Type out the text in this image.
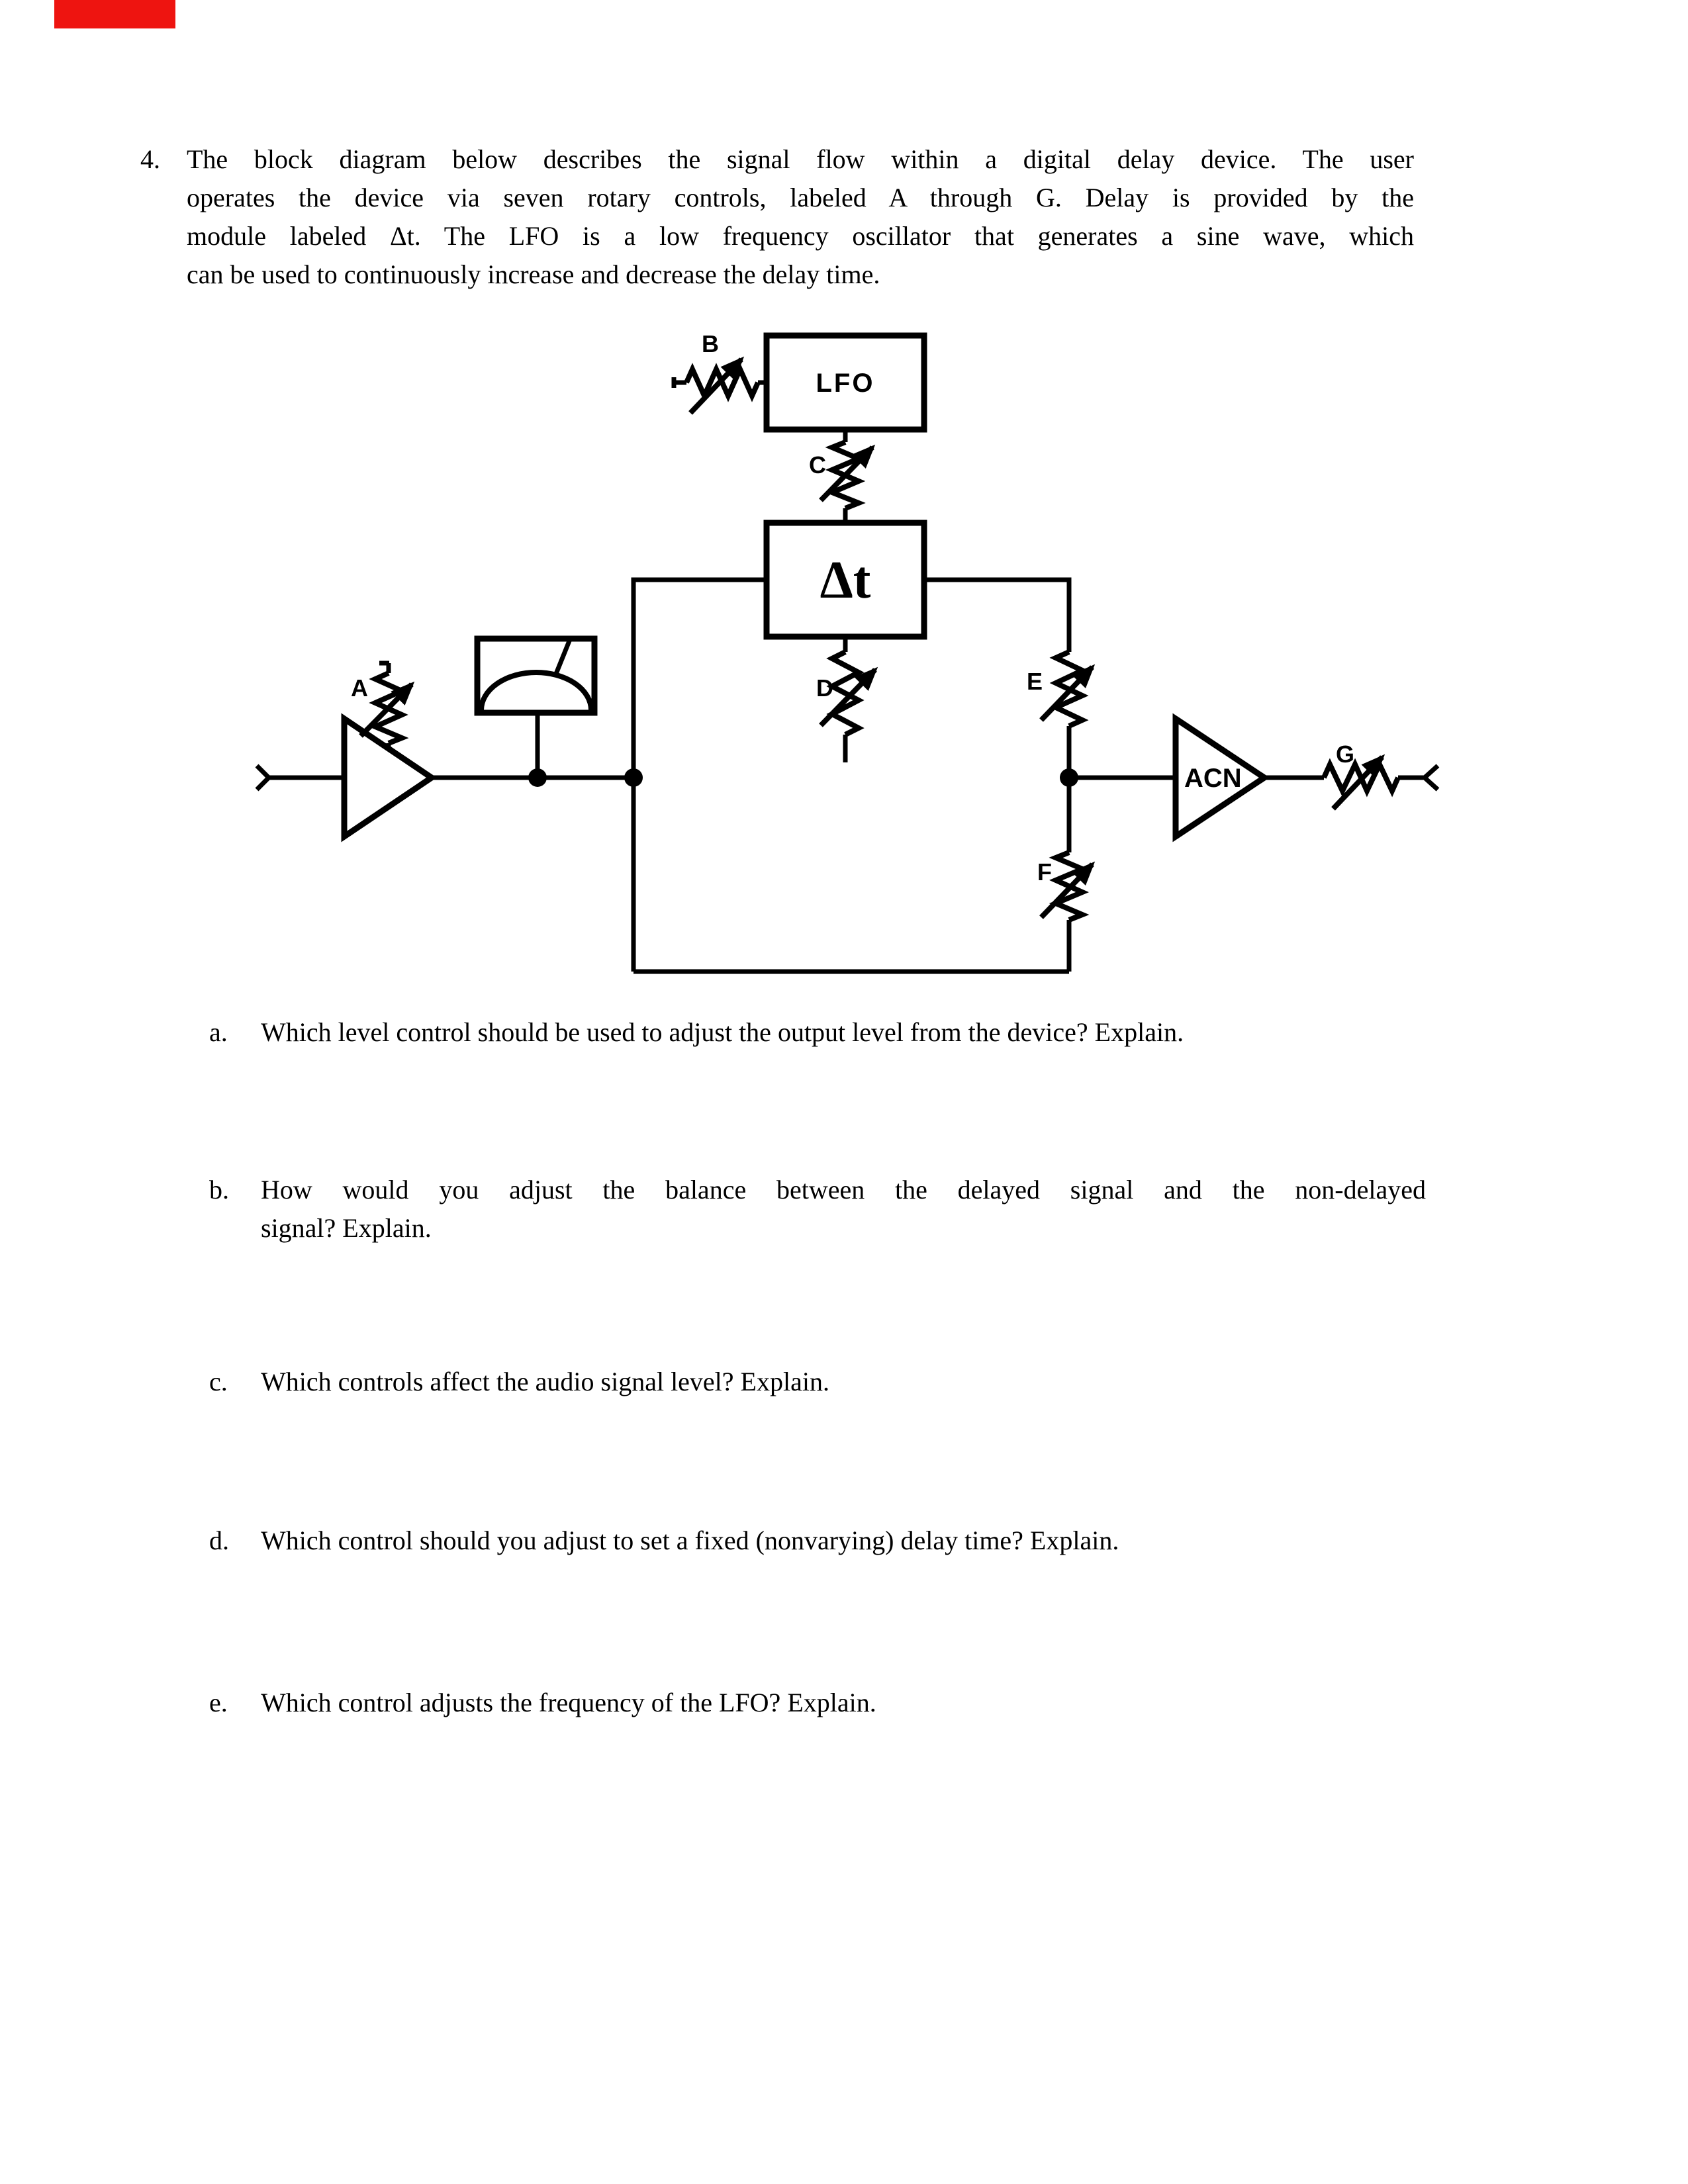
4. The block diagram below describes the signal flow within a digital delay device. The user
operates the device via seven rotary controls, labeled A through G. Delay is provided by the
module labeled Δt. The LFO is a low frequency oscillator that generates a sine wave, which
can be used to continuously increase and decrease the delay time.
LFO
Δt
ACN
A
B
C
D	E
F
G
a. Which level control should be used to adjust the output level from the device? Explain.
b. How would you adjust the balance between the delayed signal and the non-delayed
signal? Explain.
c. Which controls affect the audio signal level? Explain.
d. Which control should you adjust to set a fixed (nonvarying) delay time? Explain.
e. Which control adjusts the frequency of the LFO? Explain.
